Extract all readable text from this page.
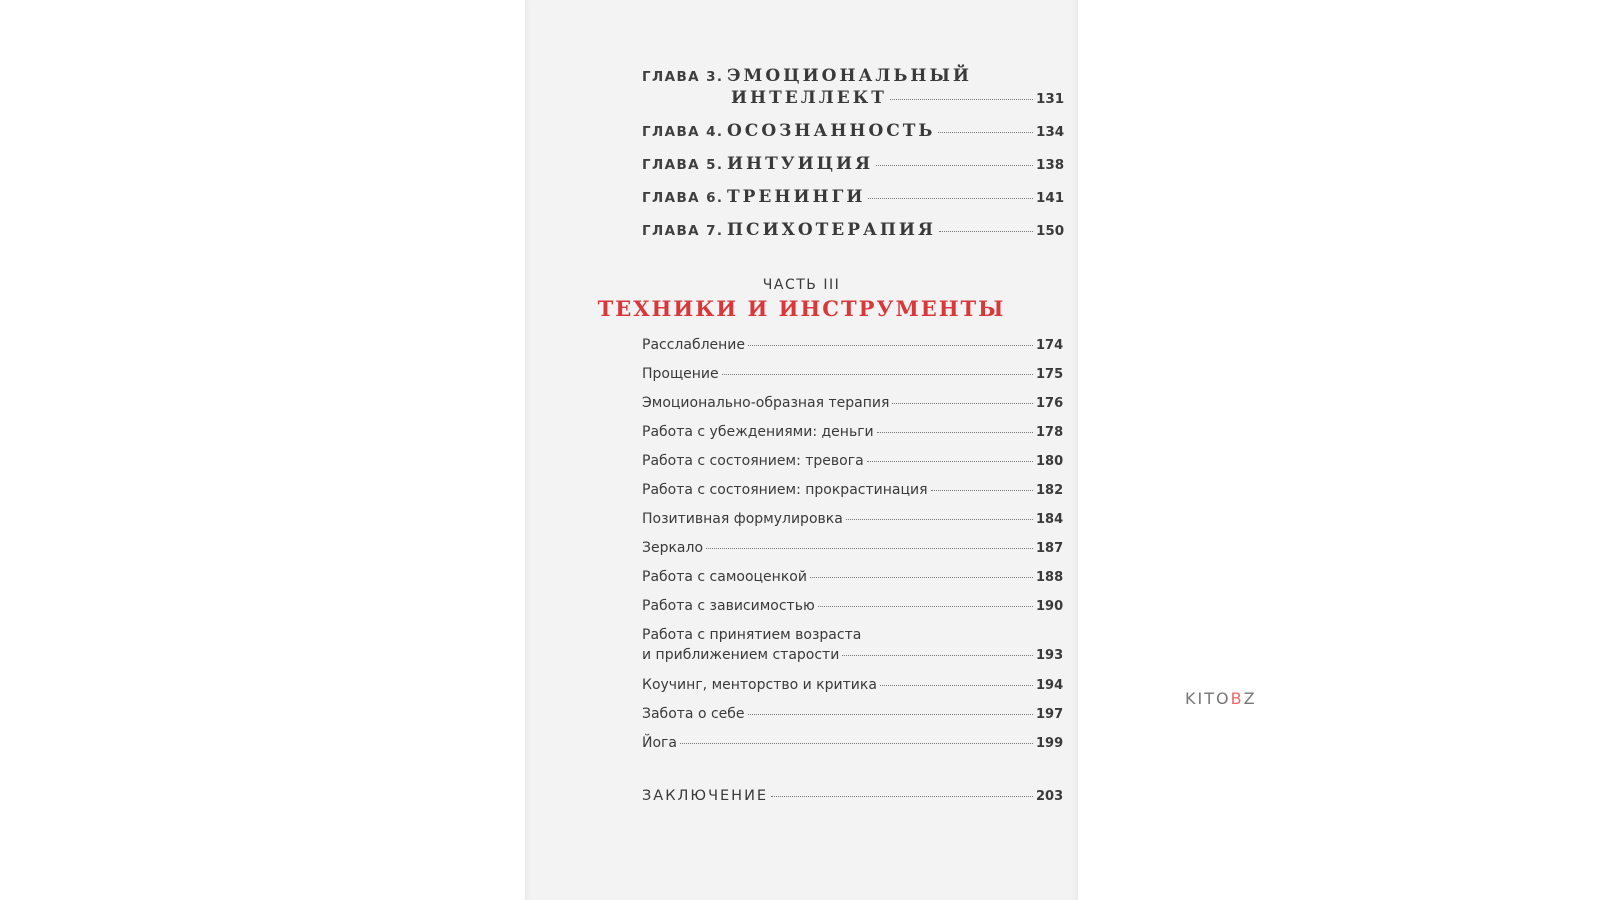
ГЛАВА 3. ЭМОЦИОНАЛЬНЫЙ
ИНТЕЛЛЕКТ	131
ГЛАВА 4. ОСОЗНАННОСТЬ	134
ГЛАВА 5. ИНТУИЦИЯ	138
ГЛАВА 6. ТРЕНИНГИ	141
ГЛАВА 7. ПСИХОТЕРАПИЯ	150
ЧАСТЬ III
ТЕХНИКИ И ИНСТРУМЕНТЫ
Расслабление	174
Прощение	175
Эмоционально-образная терапия	176
Работа с убеждениями: деньги	178
Работа с состоянием: тревога	180
Работа с состоянием: прокрастинация	182
Позитивная формулировка	184
Зеркало	187
Работа с самооценкой	188
Работа с зависимостью	190
Работа с принятием возраста
и приближением старости	193
Коучинг, менторство и критика	194
Забота о себе	197
Йога	199
ЗАКЛЮЧЕНИЕ	203
KITOBZ
